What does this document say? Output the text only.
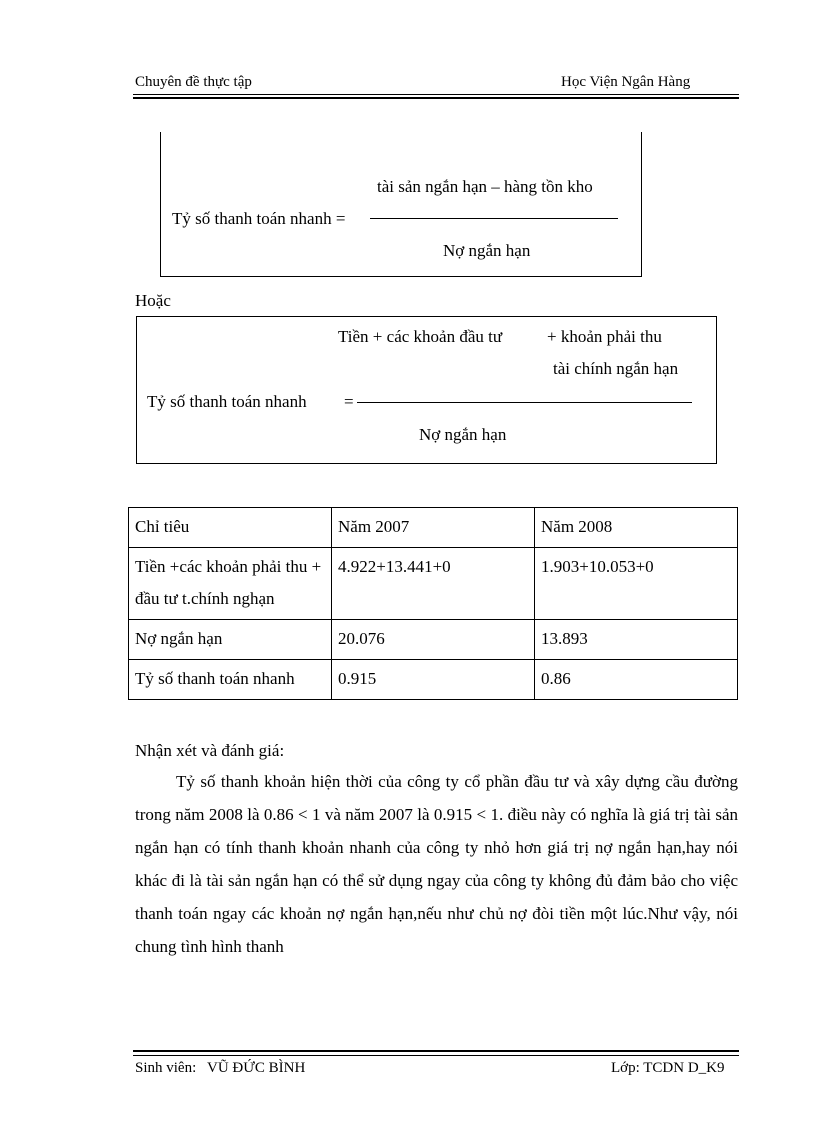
Chuyên đề thực tập	Học Viện Ngân Hàng
tài sản ngắn hạn – hàng tồn kho
Tỷ số thanh toán nhanh =
Nợ ngắn hạn
Hoặc
Tiền + các khoản đầu tư	+ khoản phải thu
tài chính ngắn hạn
Tỷ số thanh toán nhanh =
Nợ ngắn hạn
Chỉ tiêu	Năm 2007	Năm 2008
Tiền +các khoản phải thu + đầu tư t.chính nghạn	4.922+13.441+0	1.903+10.053+0
Nợ ngắn hạn	20.076	13.893
Tỷ số thanh toán nhanh	0.915	0.86
Nhận xét và đánh giá:
Tỷ số thanh khoản hiện thời của công ty cổ phần đầu tư và xây dựng cầu đường trong năm 2008 là 0.86 < 1 và năm 2007 là 0.915 < 1. điều này có nghĩa là giá trị tài sản ngắn hạn có tính thanh khoản nhanh của công ty nhỏ hơn giá trị nợ ngắn hạn,hay nói khác đi là tài sản ngắn hạn có thể sử dụng ngay của công ty không đủ đảm bảo cho việc thanh toán ngay các khoản nợ ngắn hạn,nếu như chủ nợ đòi tiền một lúc.Như vậy, nói chung tình hình thanh
Sinh viên: VŨ ĐỨC BÌNH	Lớp: TCDN D_K9
